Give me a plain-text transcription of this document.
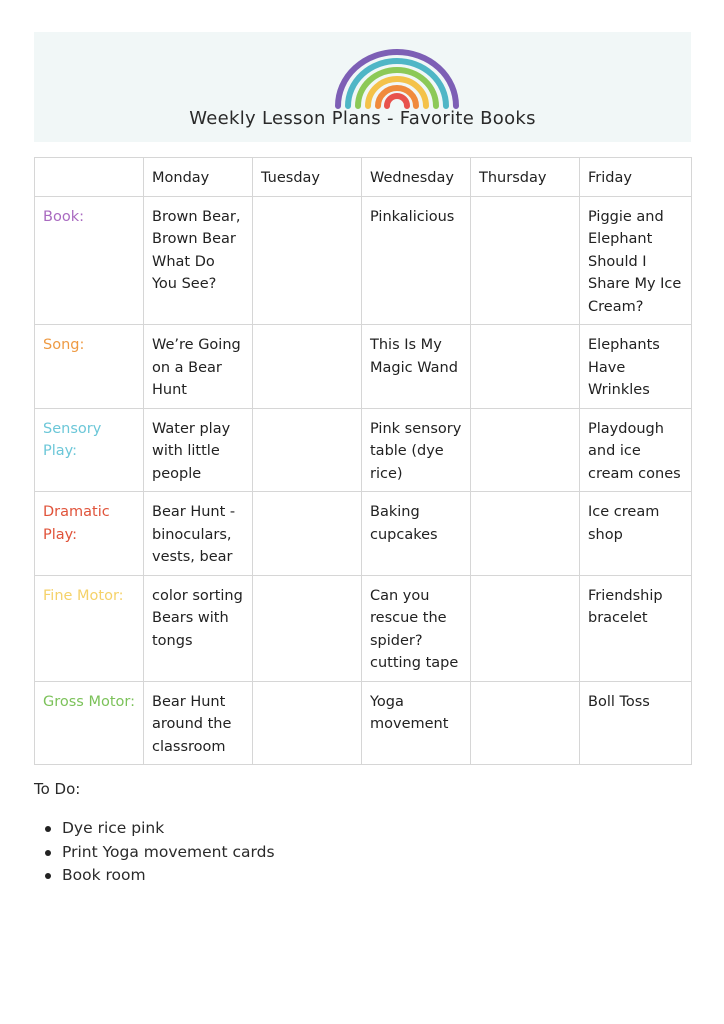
Weekly Lesson Plans - Favorite Books
	Monday	Tuesday	Wednesday	Thursday	Friday
Book:	Brown Bear, Brown Bear What Do You See?		Pinkalicious		Piggie and Elephant Should I Share My Ice Cream?
Song:	We’re Going on a Bear Hunt		This Is My Magic Wand		Elephants Have Wrinkles
Sensory Play:	Water play with little people		Pink sensory table (dye rice)		Playdough and ice cream cones
Dramatic Play:	Bear Hunt - binoculars, vests, bear		Baking cupcakes		Ice cream shop
Fine Motor:	color sorting Bears with tongs		Can you rescue the spider? cutting tape		Friendship bracelet
Gross Motor:	Bear Hunt around the classroom		Yoga movement		Boll Toss
To Do:
Dye rice pink
Print Yoga movement cards
Book room
